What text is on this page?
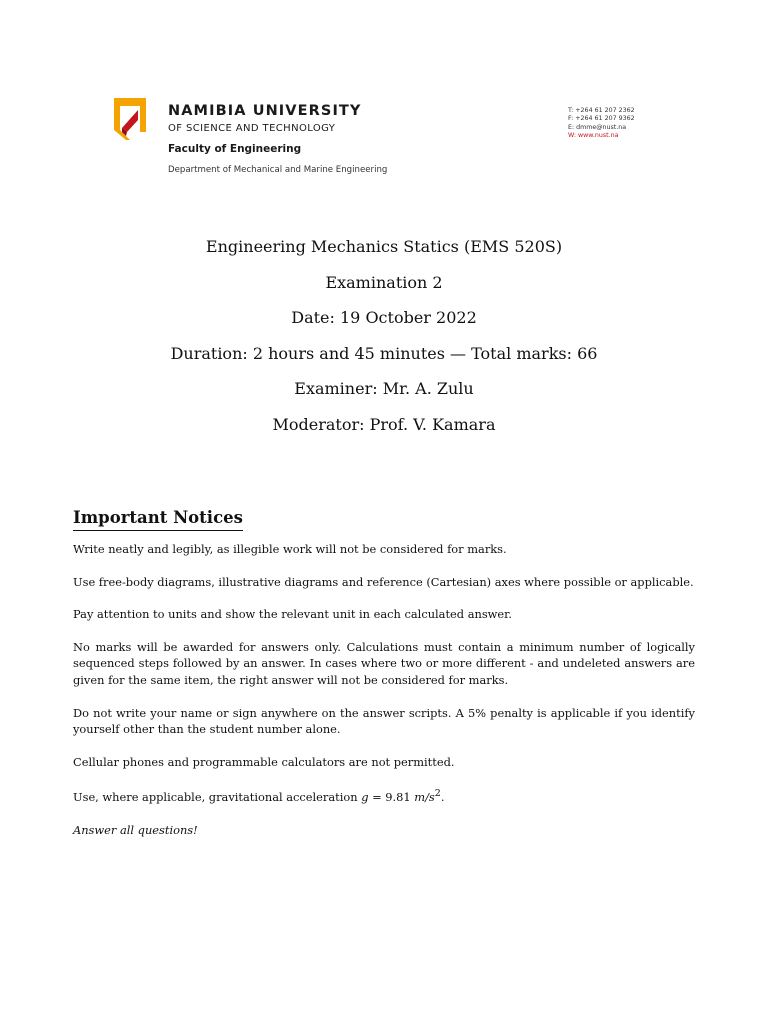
NAMIBIA UNIVERSITY
OF SCIENCE AND TECHNOLOGY
Faculty of Engineering
Department of Mechanical and Marine Engineering
T: +264 61 207 2362
F: +264 61 207 9362
E: dmme@nust.na
W: www.nust.na
Engineering Mechanics Statics (EMS 520S)
Examination 2
Date: 19 October 2022
Duration: 2 hours and 45 minutes — Total marks: 66
Examiner: Mr. A. Zulu
Moderator: Prof. V. Kamara
Important Notices

Write neatly and legibly, as illegible work will not be considered for marks.

Use free-body diagrams, illustrative diagrams and reference (Cartesian) axes where possible or applicable.

Pay attention to units and show the relevant unit in each calculated answer.

No marks will be awarded for answers only. Calculations must contain a minimum number of logically sequenced steps followed by an answer. In cases where two or more different - and undeleted answers are given for the same item, the right answer will not be considered for marks.

Do not write your name or sign anywhere on the answer scripts. A 5% penalty is applicable if you identify yourself other than the student number alone.

Cellular phones and programmable calculators are not permitted.

Use, where applicable, gravitational acceleration g = 9.81 $m/s^2$.

Answer all questions!
